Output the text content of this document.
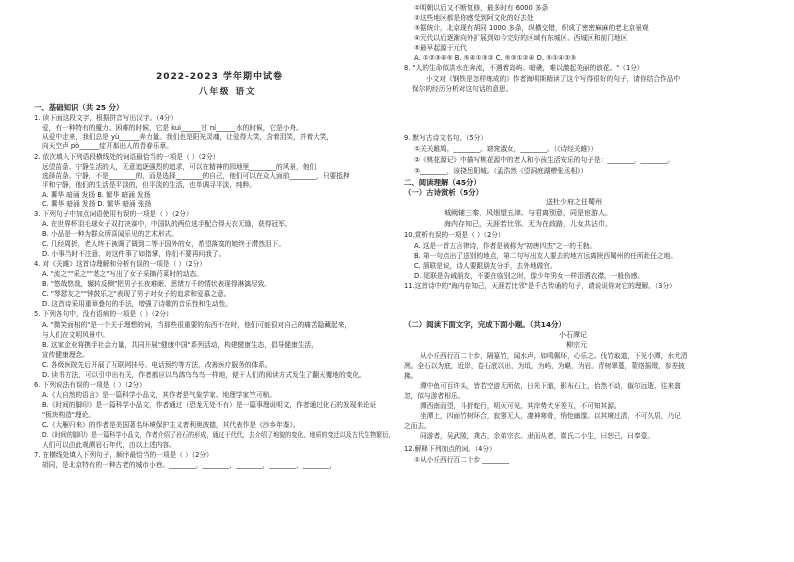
2022-2023 学年期中试卷
八年级 语文
一、基础知识（共 25 分）
1. 读下面这段文字，根据拼音写出汉字。（4分）
爱，有一种特有的魔力。困难的时候，它是 kuì______甘 ní______水的时候，它是小舟。
从爱中走来，我们总是 yù______奔力量。我们也是阳光灵魂，让爱得大笑，含着泪笑，并着大笑，
向天空声 pò______绽开那出人的青春乐章。
2. 依次填入下列语段横线处的词语最恰当的一项是（ ）（2分）
远望苗条、宁静生活的人，无意追逐强烈的追求，可以在精神的园地里________的风景，他们
选择苗条、宁静，不是________的，而是选择________的自己，他们可以在众人面前________，只要抵押
平和宁静，他们的生活是平淡的，但平淡的生活，也单调寻平淡、纯粹。
A. 薯华 暗涌 发扬 B. 繁华 暗涌 发扬
C. 薯华 暗涌 发扬 D. 繁华 暗涌 张扬
3. 下列句子中加点词语使用有误的一项是（ ）（2分）
A. 在世界杯羽毛球女子双打决赛中，中国队的两位选手配合得天衣无缝，获得冠军。
B. 小品是一种为群众所喜闻乐见的艺术形式。
C. 几经周折，老人终于被调了调到二等于国外的女，希望落寞的她终于潸然泪下。
D. 小事当时不注意，对这件事了如指掌，你们不要再问我了。
4. 对《关雎》这首诗理解和分析有误的一项是（ ）（2分）
A. "流之""采之""芼之"写出了女子采摘荇菜时的动态。
B. "悠哉悠哉，辗转反侧"把男子长夜难眠、思绪万千的情状表现得淋漓尽致。
C. "琴瑟友之""钟鼓乐之"表现了男子对女子的追求和爱慕之意。
D. 这首诗采用重章叠句的手法，增强了诗歌的音乐性和生动性。
5. 下列各句中，没有语病的一项是（ ）（2分）
A. "微笑面相的"是一个关于理想的词，当那些很重要的东西不在时，他们可能很对自己的痛苦隐藏起来，
与人们在文明风景中。
B. 这家企业将携手社会力量，共同开展"健康中国"系列活动，构建健康生态，倡导健康生活，
宣传健康理念。
C. 各级医院先后开展了互联网挂号、电话预约等方法，改善医疗服务的体系。
D. 读书方法，可以引申出有关，作者都应以鸟鸽鸟鸟鸟一样地，便于人们的阅读方式发生了翻天覆地的变化。
6. 下列说法有误的一项是（ ）（2分）
A.《大自然的语言》是一篇科学小品文，其作者是气象学家、地理学家竺可桢。
B.《时间的脚印》是一篇科学小品文，作者通过（恐龙无处不有）是一篇事理说明文，作者通过化石的发现来论证
"板块构造"理论。
C.《大雁归来》的作者是美国著名环境保护主义者利奥波德，其代表作是《沙乡年鉴》。
D.《时间的脚印》是一篇科学小品文，作者介绍了岩石的形成，通过于代代，去介绍了地貌的变化、地质的变迁以及古代生物繁衍，
人们可以由此观测岩石年代，由以上述内容。
7. 在横线处填入下列句子，顺序最恰当的一项是（ ）（2分）
胡同，是北京特有的一种古老的城市小巷。________，________，________，________，________，
①明朝以后又不断复修，最多时有 6000 多条
②这些地区都是你感受到阿文化的好去处
③据统计，北京现有胡同 1000 多条，纵横交错，织成了密密麻麻的老北京景观
④元代以后逐渐向外扩展到如今完好的区域有东城区、西城区和前门地区
⑤最早起源于元代
A. ①②③④⑤ B. ⑤④①③② C. ⑤③①②④ D. ⑤①④②③
8. "人的生命似洪水在奔流，不遇着岛屿、暗礁，难以激起美丽的浪花。"（1分）
小文对《钢铁是怎样炼成的》作者海明斯精读了这个写得很好的句子，请你结合作品中
保尔的经历分析对这句话的意思。
9. 默写古诗文名句。（5分）
①关关雎鸠，________。窈窕淑女，________。（《诗经关雎》）
②《桃花源记》中描写桃花源中的老人和小孩生活安乐的句子是：________，________。
③________，该挠岳阳城。（孟浩然《望洞庭湖赠张丞相》）
二、阅读理解（45分）
（一）古诗赏析（5分）
送杜少府之任蜀州
城阙辅三秦，风烟望五津。与君离别意，同是宦游人。
海内存知己，天涯若比邻。无为在歧路，儿女共沾巾。
10.赏析有误的一项是（ ）（2分）
A. 这是一首五言律诗，作者是被称为"初唐四杰"之一的王勃。
B. 第一句点出了送别的地点，第二句写出友人要去的地方远离陕西蜀州的任所赴任之地。
C. 颔联是说，诗人要跟朋友分手，去外地做官。
D. 尾联是告诫朋友，不要在临别之时，像少年男女一样泪洒衣襟，一般伤感。
11.这首诗中的"海内存知己，天涯若比邻"是千古传诵的句子，请说说你对它的理解。（3分）
（二）阅读下面文字，完成下面小题。（共14分）
小石潭记
柳宗元
从小丘西行百二十步，隔篁竹，闻水声，如鸣佩环，心乐之。伐竹取道，下见小潭，水尤清
冽。全石以为底，近岸，卷石底以出，为坻，为屿，为嵁，为岩。青树翠蔓，蒙络摇缀，参差披
拂。
潭中鱼可百许头，皆若空游无所依，日光下澈，影布石上，佁然不动，俶尔远逝，往来翕
忽，似与游者相乐。
潭西南而望，斗折蛇行，明灭可见。其岸势犬牙差互，不可知其源。
坐潭上，四面竹树环合，寂寥无人，凄神寒骨，悄怆幽邃。以其境过清，不可久居，乃记
之而去。
同游者，吴武陵，龚古，余弟宗玄。隶而从者，崔氏二小生，曰恕己，曰奉壹。
12.解释下列加点的词。（4分）
①从小丘西行百二十步 ________
